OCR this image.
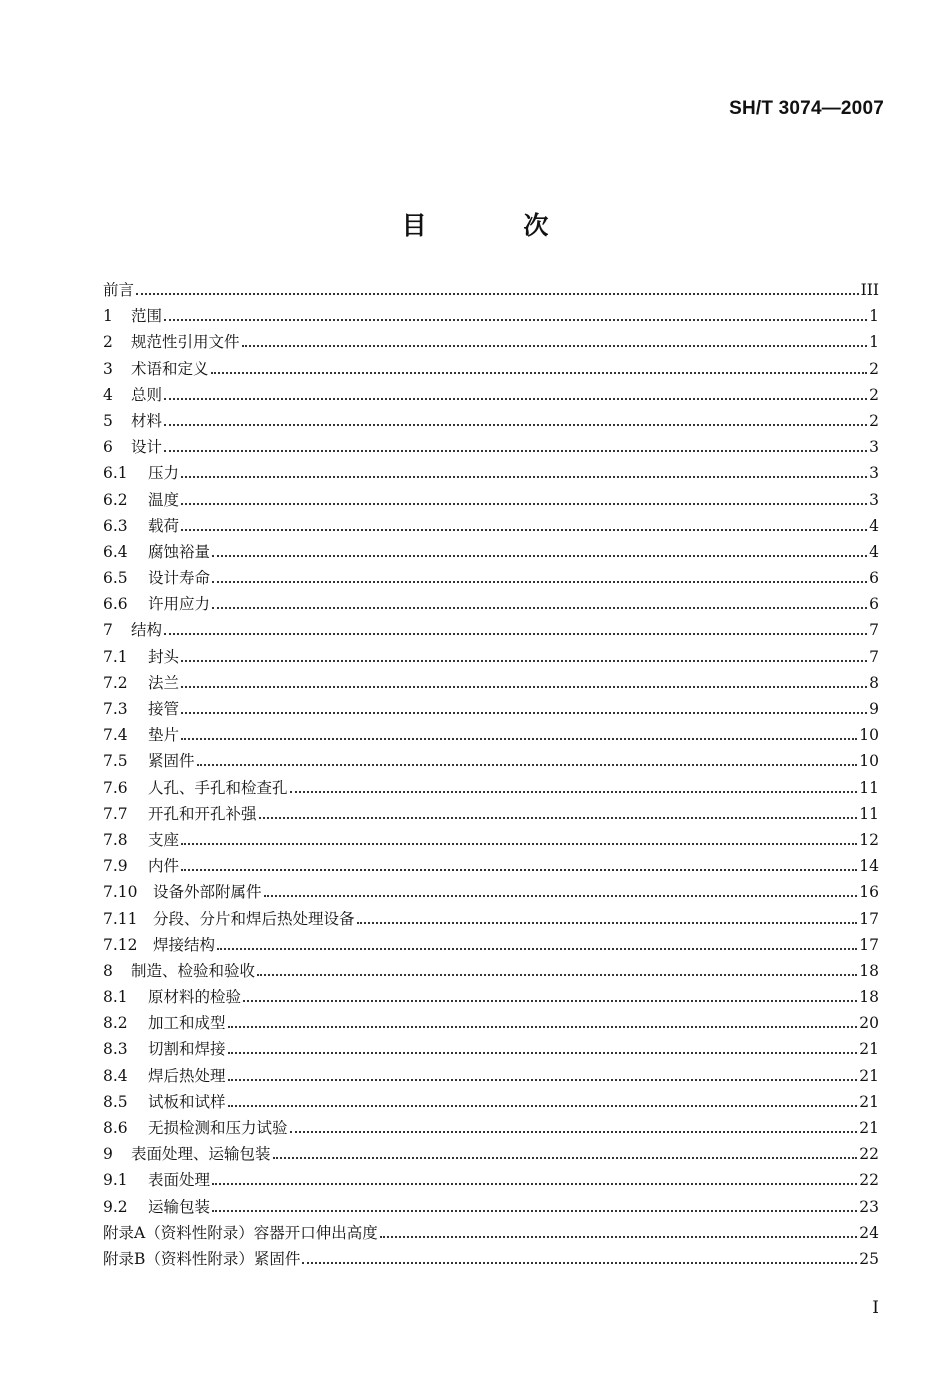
SH/T 3074—2007
目 次
前言	III
1	范围	1
2	规范性引用文件	1
3	术语和定义	2
4	总则	2
5	材料	2
6	设计	3
6.1	压力	3
6.2	温度	3
6.3	载荷	4
6.4	腐蚀裕量	4
6.5	设计寿命	6
6.6	许用应力	6
7	结构	7
7.1	封头	7
7.2	法兰	8
7.3	接管	9
7.4	垫片	10
7.5	紧固件	10
7.6	人孔、手孔和检查孔	11
7.7	开孔和开孔补强	11
7.8	支座	12
7.9	内件	14
7.10 设备外部附属件	16
7.11 分段、分片和焊后热处理设备	17
7.12 焊接结构	17
8	制造、检验和验收	18
8.1	原材料的检验	18
8.2	加工和成型	20
8.3	切割和焊接	21
8.4	焊后热处理	21
8.5	试板和试样	21
8.6	无损检测和压力试验	21
9	表面处理、运输包装	22
9.1	表面处理	22
9.2	运输包装	23
附录A（资料性附录）容器开口伸出高度	24
附录B（资料性附录）紧固件	25
I
